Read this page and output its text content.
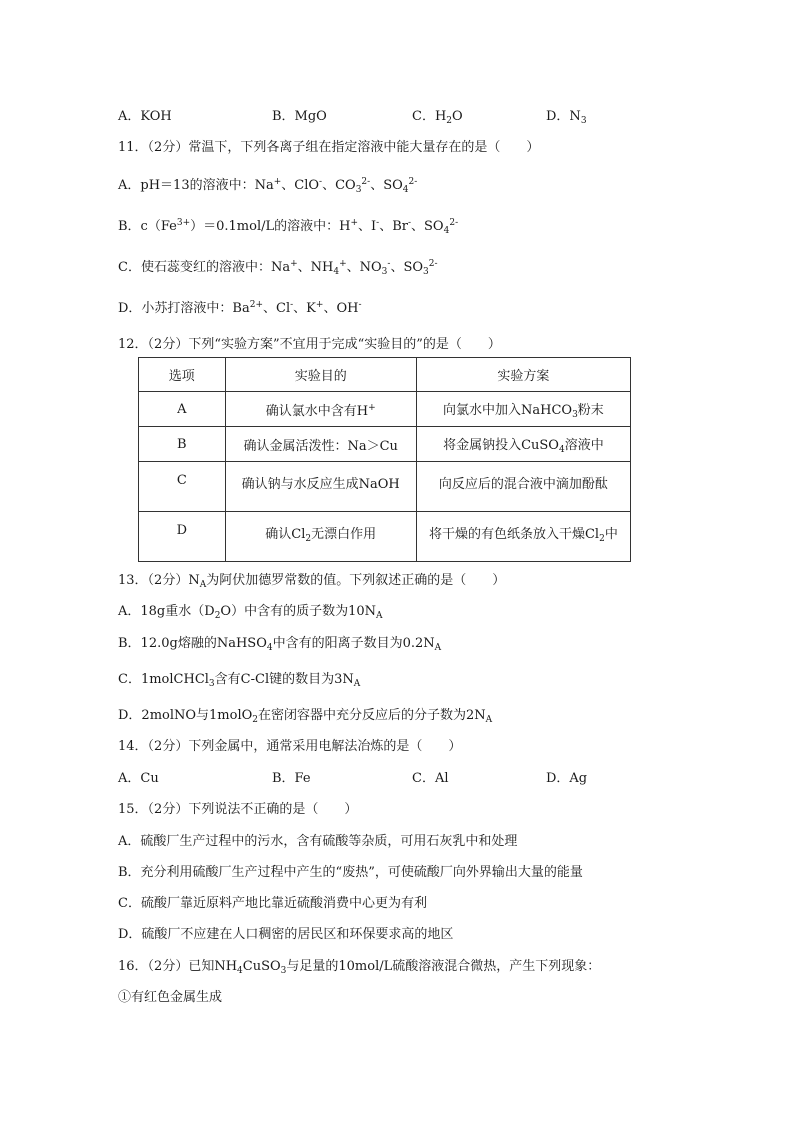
A．KOH	B．MgO	C．$H_2O$	D．$N_3$
11．（2分）常温下，下列各离子组在指定溶液中能大量存在的是（　　）
A．pH＝13的溶液中：Na+、ClO-、$CO_3^{2-}$、$SO_4^{2-}$
B．$c(Fe^{3+})=0.1mol/L$的溶液中：H+、I-、Br-、$SO_4^{2-}$
C．使石蕊变红的溶液中：Na+、$NH_4^+$、$NO_3^-$、$SO_3^{2-}$
D．小苏打溶液中：$Ba^{2+}$、Cl-、K+、OH-
12．（2分）下列“实验方案”不宜用于完成“实验目的”的是（　　）
选项	实验目的	实验方案
A	确认氯水中含有H+	向氯水中加入NaHCO$_3$粉末
B	确认金属活泼性：Na＞Cu	将金属钠投入CuSO$_4$溶液中
C	确认钠与水反应生成NaOH	向反应后的混合液中滴加酚酞
D	确认$Cl_2$无漂白作用	将干燥的有色纸条放入干燥$Cl_2$中
13．（2分）$N_A$为阿伏加德罗常数的值。下列叙述正确的是（　　）
A．18g重水$(D_2O)$中含有的质子数为$10N_A$
B．12.0g熔融的NaHSO$_4$中含有的阳离子数目为$0.2N_A$
C．1molCHCl$_3$含有C-Cl键的数目为$3N_A$
D．2molNO与1molO$_2$在密闭容器中充分反应后的分子数为$2N_A$
14．（2分）下列金属中，通常采用电解法冶炼的是（　　）
A．Cu	B．Fe	C．Al	D．Ag
15．（2分）下列说法不正确的是（　　）
A．硫酸厂生产过程中的污水，含有硫酸等杂质，可用石灰乳中和处理
B．充分利用硫酸厂生产过程中产生的“废热”，可使硫酸厂向外界输出大量的能量
C．硫酸厂靠近原料产地比靠近硫酸消费中心更为有利
D．硫酸厂不应建在人口稠密的居民区和环保要求高的地区
16．（2分）已知$NH_4CuSO_3$与足量的10mol/L硫酸溶液混合微热，产生下列现象：
①有红色金属生成
